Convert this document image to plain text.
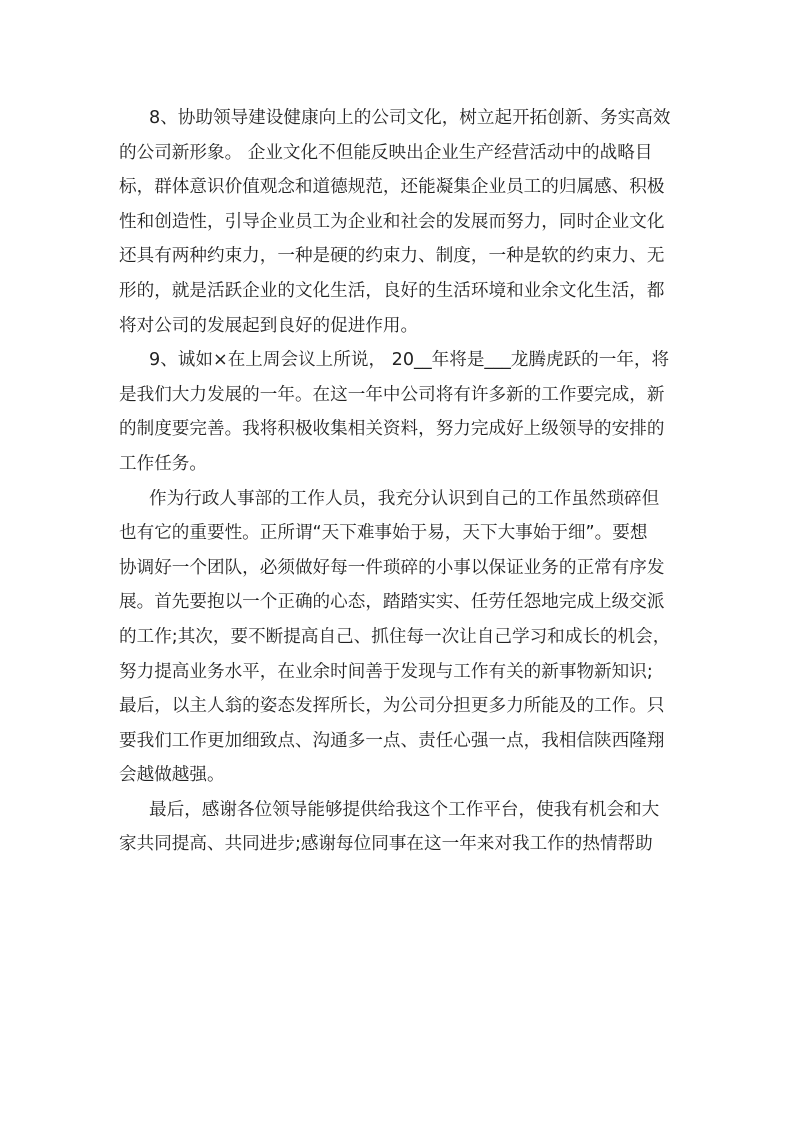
8、协助领导建设健康向上的公司文化，树立起开拓创新、务实高效
的公司新形象。 企业文化不但能反映出企业生产经营活动中的战略目
标，群体意识价值观念和道德规范，还能凝集企业员工的归属感、积极
性和创造性，引导企业员工为企业和社会的发展而努力，同时企业文化
还具有两种约束力，一种是硬的约束力、制度，一种是软的约束力、无
形的，就是活跃企业的文化生活，良好的生活环境和业余文化生活，都
将对公司的发展起到良好的促进作用。
9、诚如×在上周会议上所说， 20__年将是___龙腾虎跃的一年，将
是我们大力发展的一年。在这一年中公司将有许多新的工作要完成，新
的制度要完善。我将积极收集相关资料，努力完成好上级领导的安排的
工作任务。
作为行政人事部的工作人员，我充分认识到自己的工作虽然琐碎但
也有它的重要性。正所谓“天下难事始于易，天下大事始于细”。要想
协调好一个团队，必须做好每一件琐碎的小事以保证业务的正常有序发
展。首先要抱以一个正确的心态，踏踏实实、任劳任怨地完成上级交派
的工作;其次，要不断提高自己、抓住每一次让自己学习和成长的机会，
努力提高业务水平，在业余时间善于发现与工作有关的新事物新知识;
最后，以主人翁的姿态发挥所长，为公司分担更多力所能及的工作。只
要我们工作更加细致点、沟通多一点、责任心强一点，我相信陕西隆翔
会越做越强。
最后，感谢各位领导能够提供给我这个工作平台，使我有机会和大
家共同提高、共同进步;感谢每位同事在这一年来对我工作的热情帮助
